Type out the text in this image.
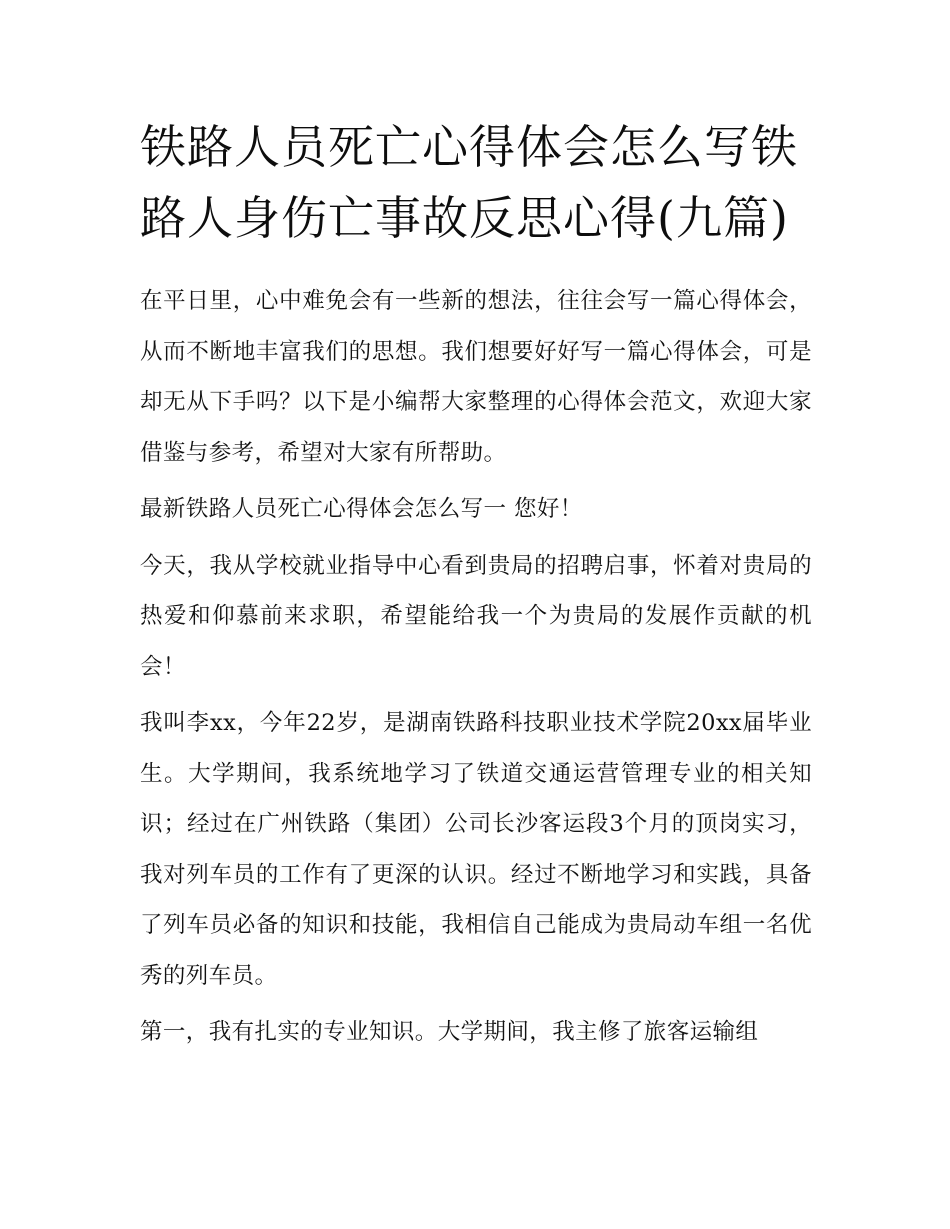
铁路人员死亡心得体会怎么写铁路人身伤亡事故反思心得(九篇)

在平日里，心中难免会有一些新的想法，往往会写一篇心得体会，从而不断地丰富我们的思想。我们想要好好写一篇心得体会，可是却无从下手吗？以下是小编帮大家整理的心得体会范文，欢迎大家借鉴与参考，希望对大家有所帮助。

最新铁路人员死亡心得体会怎么写一 您好！

今天，我从学校就业指导中心看到贵局的招聘启事，怀着对贵局的热爱和仰慕前来求职，希望能给我一个为贵局的发展作贡献的机会！

我叫李xx，今年22岁，是湖南铁路科技职业技术学院20xx届毕业生。大学期间，我系统地学习了铁道交通运营管理专业的相关知识；经过在广州铁路（集团）公司长沙客运段3个月的顶岗实习，我对列车员的工作有了更深的认识。经过不断地学习和实践，具备了列车员必备的知识和技能，我相信自己能成为贵局动车组一名优秀的列车员。

第一，我有扎实的专业知识。大学期间，我主修了旅客运输组
